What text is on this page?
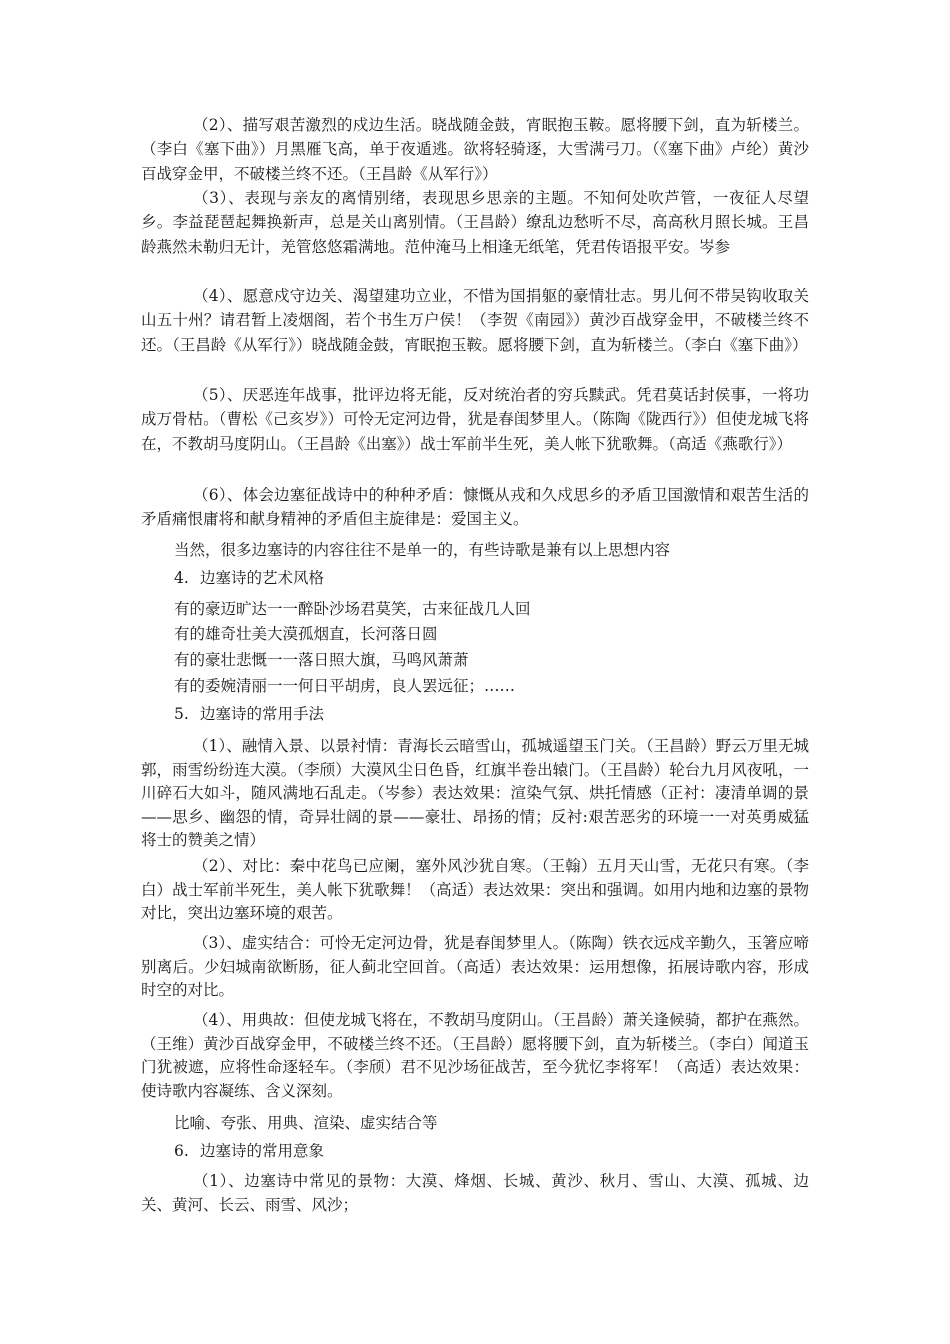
（2）、描写艰苦激烈的戍边生活。晓战随金鼓，宵眠抱玉鞍。愿将腰下剑，直为斩楼兰。（李白《塞下曲》）月黑雁飞高，单于夜遁逃。欲将轻骑逐，大雪满弓刀。（《塞下曲》卢纶）黄沙百战穿金甲，不破楼兰终不还。（王昌龄《从军行》）

（3）、表现与亲友的离情别绪，表现思乡思亲的主题。不知何处吹芦管，一夜征人尽望乡。李益琵琶起舞换新声，总是关山离别情。（王昌龄）缭乱边愁听不尽，高高秋月照长城。王昌龄燕然未勒归无计，羌管悠悠霜满地。范仲淹马上相逢无纸笔，凭君传语报平安。岑参

（4）、愿意戍守边关、渴望建功立业，不惜为国捐躯的豪情壮志。男儿何不带吴钩收取关山五十州？请君暂上凌烟阁，若个书生万户侯！（李贺《南园》）黄沙百战穿金甲，不破楼兰终不还。（王昌龄《从军行》）晓战随金鼓，宵眠抱玉鞍。愿将腰下剑，直为斩楼兰。（李白《塞下曲》）

（5）、厌恶连年战事，批评边将无能，反对统治者的穷兵黩武。凭君莫话封侯事，一将功成万骨枯。（曹松《己亥岁》）可怜无定河边骨，犹是春闺梦里人。（陈陶《陇西行》）但使龙城飞将在，不教胡马度阴山。（王昌龄《出塞》）战士军前半生死，美人帐下犹歌舞。（高适《燕歌行》）

（6）、体会边塞征战诗中的种种矛盾：慷慨从戎和久戍思乡的矛盾卫国激情和艰苦生活的矛盾痛恨庸将和献身精神的矛盾但主旋律是：爱国主义。

当然，很多边塞诗的内容往往不是单一的，有些诗歌是兼有以上思想内容

4. 边塞诗的艺术风格

有的豪迈旷达一一醉卧沙场君莫笑，古来征战几人回

有的雄奇壮美大漠孤烟直，长河落日圆

有的豪壮悲慨一一落日照大旗，马鸣风萧萧

有的委婉清丽一一何日平胡虏，良人罢远征；……

5. 边塞诗的常用手法

（1）、融情入景、以景衬情：青海长云暗雪山，孤城遥望玉门关。（王昌龄）野云万里无城郭，雨雪纷纷连大漠。（李颀）大漠风尘日色昏，红旗半卷出辕门。（王昌龄）轮台九月风夜吼，一川碎石大如斗，随风满地石乱走。（岑参）表达效果：渲染气氛、烘托情感（正衬：凄清单调的景——思乡、幽怨的情，奇异壮阔的景——豪壮、昂扬的情；反衬:艰苦恶劣的环境一一对英勇威猛将士的赞美之情）

（2）、对比：秦中花鸟已应阑，塞外风沙犹自寒。（王翰）五月天山雪，无花只有寒。（李白）战士军前半死生，美人帐下犹歌舞！（高适）表达效果：突出和强调。如用内地和边塞的景物对比，突出边塞环境的艰苦。

（3）、虚实结合：可怜无定河边骨，犹是春闺梦里人。（陈陶）铁衣远戍辛勤久，玉箸应啼别离后。少妇城南欲断肠，征人蓟北空回首。（高适）表达效果：运用想像，拓展诗歌内容，形成时空的对比。

（4）、用典故：但使龙城飞将在，不教胡马度阴山。（王昌龄）萧关逢候骑，都护在燕然。（王维）黄沙百战穿金甲，不破楼兰终不还。（王昌龄）愿将腰下剑，直为斩楼兰。（李白）闻道玉门犹被遮，应将性命逐轻车。（李颀）君不见沙场征战苦，至今犹忆李将军！（高适）表达效果：使诗歌内容凝练、含义深刻。

比喻、夸张、用典、渲染、虚实结合等

6. 边塞诗的常用意象

（1）、边塞诗中常见的景物：大漠、烽烟、长城、黄沙、秋月、雪山、大漠、孤城、边关、黄河、长云、雨雪、风沙；
